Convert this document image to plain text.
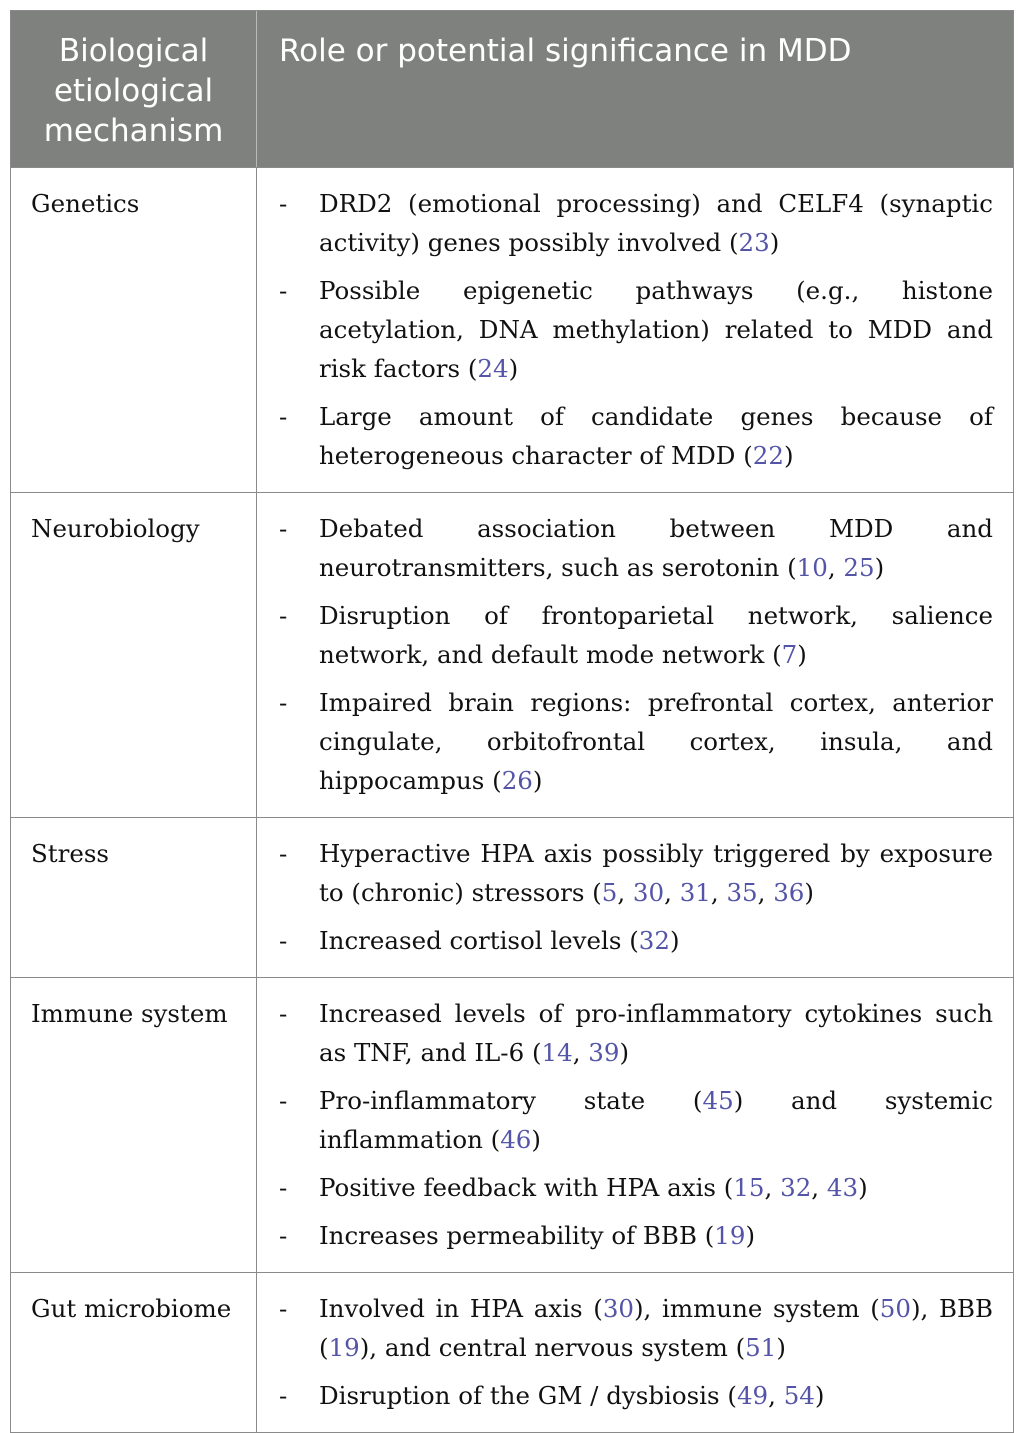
Biological etiological mechanism
Role or potential significance in MDD
Genetics	-	DRD2 (emotional processing) and CELF4 (synaptic activity) genes possibly involved (23)
-	Possible epigenetic pathways (e.g., histone acetylation, DNA methylation) related to MDD and risk factors (24)
-	Large amount of candidate genes because of heterogeneous character of MDD (22)
Neurobiology	-	Debated association between MDD and neurotransmitters, such as serotonin (10, 25)
-	Disruption of frontoparietal network, salience network, and default mode network (7)
-	Impaired brain regions: prefrontal cortex, anterior cingulate, orbitofrontal cortex, insula, and hippocampus (26)
Stress	-	Hyperactive HPA axis possibly triggered by exposure to (chronic) stressors (5, 30, 31, 35, 36)
-	Increased cortisol levels (32)
Immune system	-	Increased levels of pro-inflammatory cytokines such as TNF, and IL-6 (14, 39)
-	Pro-inflammatory state (45) and systemic inflammation (46)
-	Positive feedback with HPA axis (15, 32, 43)
-	Increases permeability of BBB (19)
Gut microbiome	-	Involved in HPA axis (30), immune system (50), BBB (19), and central nervous system (51)
-	Disruption of the GM / dysbiosis (49, 54)
